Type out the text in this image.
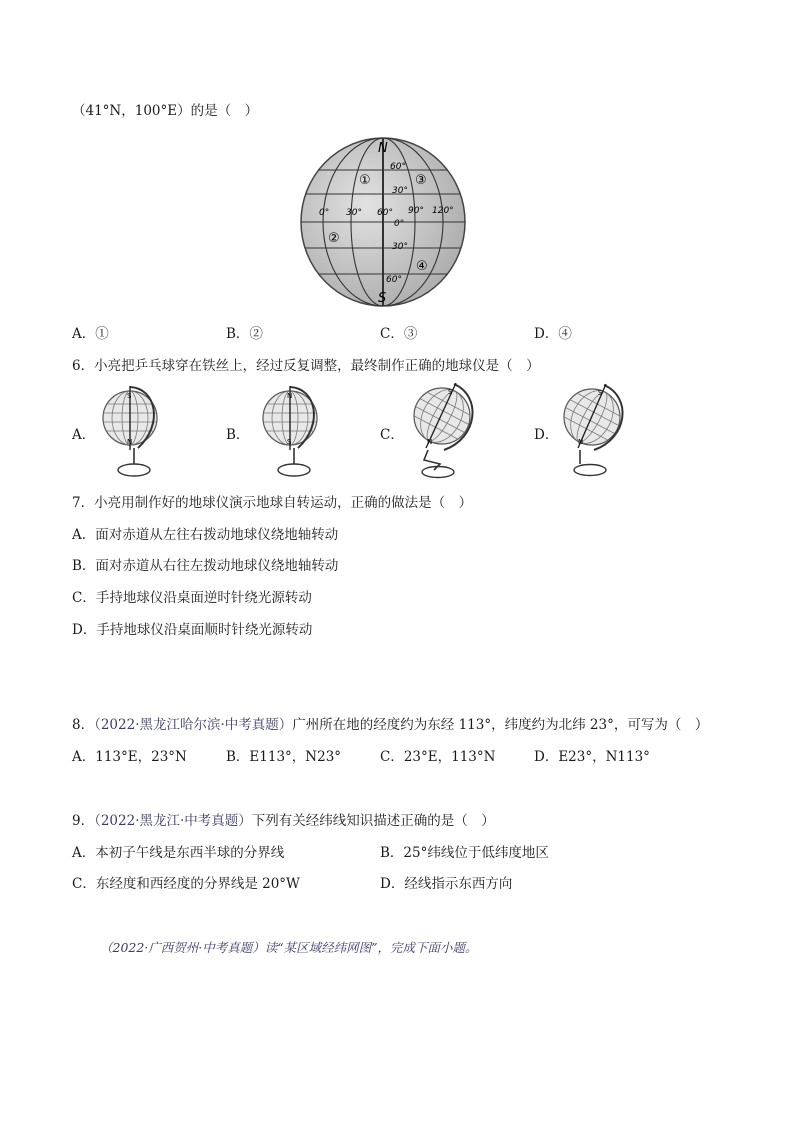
（41°N，100°E）的是（　）
N
S
60°
30°
0° 30° 60° 90° 120°
0°
30°
60°
①	③
②
④
A．①	B．②	C．③	D．④
6．小亮把乒乓球穿在铁丝上，经过反复调整，最终制作正确的地球仪是（　）
A．	B．	C．	D．
S
N
N
S
S
N
S
N
7．小亮用制作好的地球仪演示地球自转运动，正确的做法是（　）
A．面对赤道从左往右拨动地球仪绕地轴转动
B．面对赤道从右往左拨动地球仪绕地轴转动
C．手持地球仪沿桌面逆时针绕光源转动
D．手持地球仪沿桌面顺时针绕光源转动
8．（2022·黑龙江哈尔滨·中考真题）广州所在地的经度约为东经 113°，纬度约为北纬 23°，可写为（　）
A．113°E，23°N	B．E113°，N23°	C．23°E，113°N	D．E23°，N113°
9．（2022·黑龙江·中考真题）下列有关经纬线知识描述正确的是（　）
A．本初子午线是东西半球的分界线	B．25°纬线位于低纬度地区
C．东经度和西经度的分界线是 20°W	D．经线指示东西方向
（2022·广西贺州·中考真题）读“某区域经纬网图”，完成下面小题。
